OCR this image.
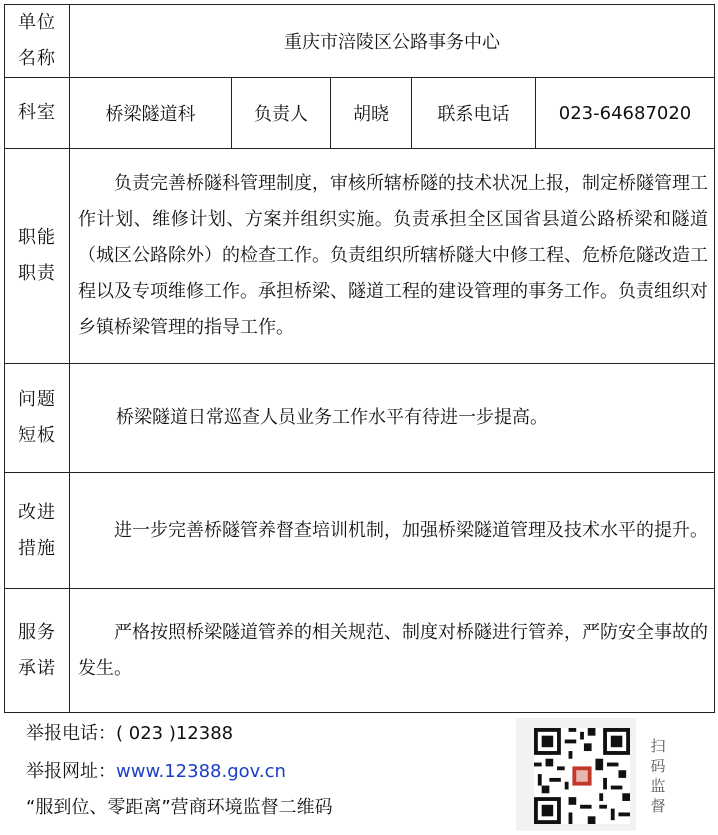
单位
名称	重庆市涪陵区公路事务中心				
科室	桥梁隧道科	负责人	胡晓	联系电话	023-64687020

职能
职责	负责完善桥隧科管理制度，审核所辖桥隧的技术状况上报，制定桥隧管理工作计划、维修计划、方案并组织实施。负责承担全区国省县道公路桥梁和隧道（城区公路除外）的检查工作。负责组织所辖桥隧大中修工程、危桥危隧改造工程以及专项维修工作。承担桥梁、隧道工程的建设管理的事务工作。负责组织对乡镇桥梁管理的指导工作。				

问题
短板	桥梁隧道日常巡查人员业务工作水平有待进一步提高。				

改进
措施	进一步完善桥隧管养督查培训机制，加强桥梁隧道管理及技术水平的提升。				

服务
承诺	严格按照桥梁隧道管养的相关规范、制度对桥隧进行管养，严防安全事故的发生。				
举报电话：( 023 )12388
举报网址：www.12388.gov.cn
“服到位、零距离”营商环境监督二维码
扫码监督
